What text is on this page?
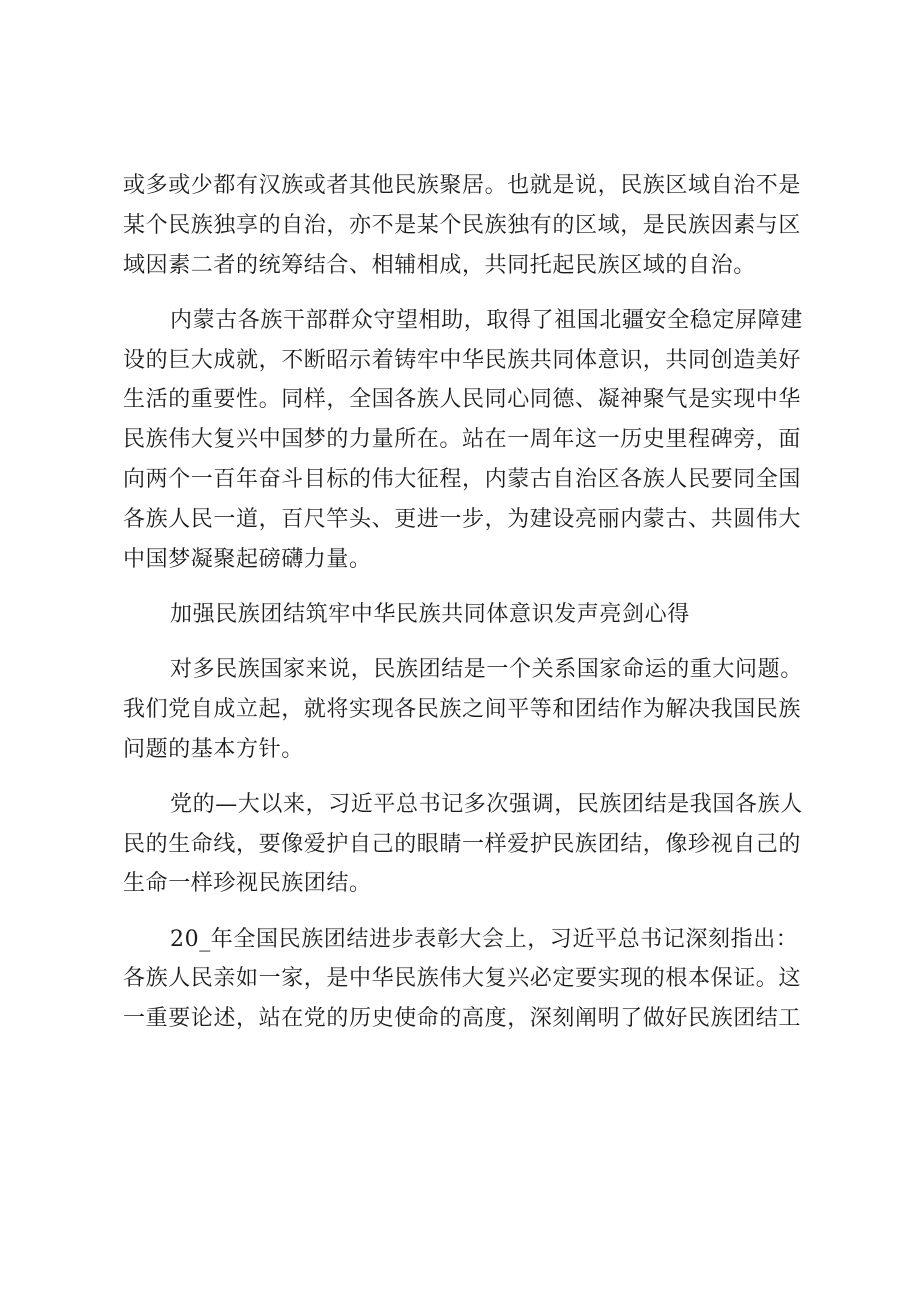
或多或少都有汉族或者其他民族聚居。也就是说，民族区域自治不是
某个民族独享的自治，亦不是某个民族独有的区域，是民族因素与区
域因素二者的统筹结合、相辅相成，共同托起民族区域的自治。
内蒙古各族干部群众守望相助，取得了祖国北疆安全稳定屏障建
设的巨大成就，不断昭示着铸牢中华民族共同体意识，共同创造美好
生活的重要性。同样，全国各族人民同心同德、凝神聚气是实现中华
民族伟大复兴中国梦的力量所在。站在一周年这一历史里程碑旁，面
向两个一百年奋斗目标的伟大征程，内蒙古自治区各族人民要同全国
各族人民一道，百尺竿头、更进一步，为建设亮丽内蒙古、共圆伟大
中国梦凝聚起磅礴力量。
加强民族团结筑牢中华民族共同体意识发声亮剑心得
对多民族国家来说，民族团结是一个关系国家命运的重大问题。
我们党自成立起，就将实现各民族之间平等和团结作为解决我国民族
问题的基本方针。
党的—大以来，习近平总书记多次强调，民族团结是我国各族人
民的生命线，要像爱护自己的眼睛一样爱护民族团结，像珍视自己的
生命一样珍视民族团结。
20_年全国民族团结进步表彰大会上，习近平总书记深刻指出：
各族人民亲如一家，是中华民族伟大复兴必定要实现的根本保证。这
一重要论述，站在党的历史使命的高度，深刻阐明了做好民族团结工
